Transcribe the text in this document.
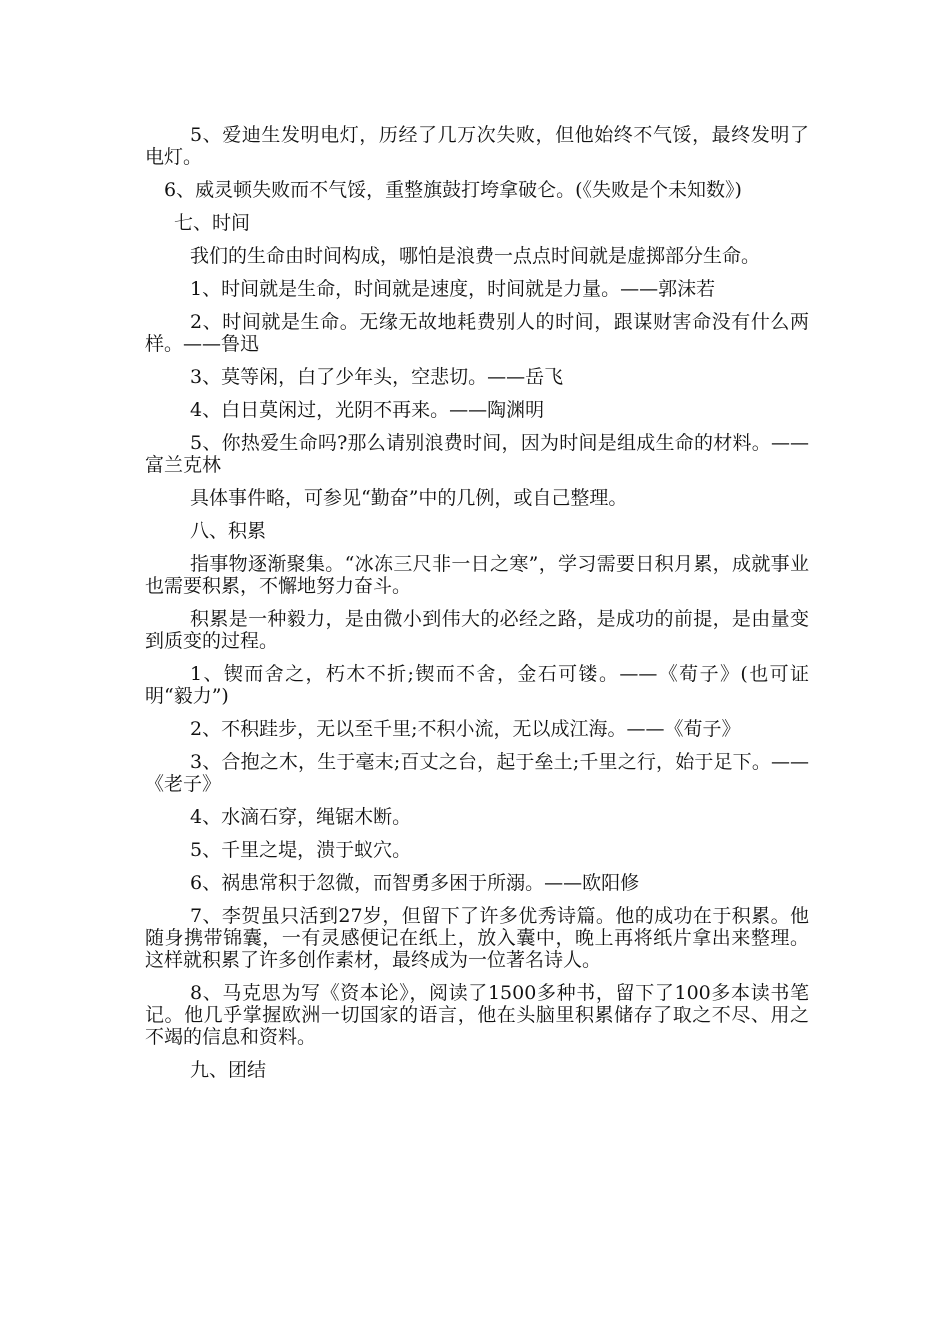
5、爱迪生发明电灯，历经了几万次失败，但他始终不气馁，最终发明了电灯。

6、威灵顿失败而不气馁，重整旗鼓打垮拿破仑。(《失败是个未知数》)

七、时间

我们的生命由时间构成，哪怕是浪费一点点时间就是虚掷部分生命。

1、时间就是生命，时间就是速度，时间就是力量。——郭沫若

2、时间就是生命。无缘无故地耗费别人的时间，跟谋财害命没有什么两样。——鲁迅

3、莫等闲，白了少年头，空悲切。——岳飞

4、白日莫闲过，光阴不再来。——陶渊明

5、你热爱生命吗?那么请别浪费时间，因为时间是组成生命的材料。——富兰克林

具体事件略，可参见“勤奋”中的几例，或自己整理。

八、积累

指事物逐渐聚集。“冰冻三尺非一日之寒”，学习需要日积月累，成就事业也需要积累，不懈地努力奋斗。

积累是一种毅力，是由微小到伟大的必经之路，是成功的前提，是由量变到质变的过程。

1、锲而舍之，朽木不折;锲而不舍，金石可镂。——《荀子》(也可证明“毅力”)

2、不积跬步，无以至千里;不积小流，无以成江海。——《荀子》

3、合抱之木，生于毫末;百丈之台，起于垒土;千里之行，始于足下。——《老子》

4、水滴石穿，绳锯木断。

5、千里之堤，溃于蚁穴。

6、祸患常积于忽微，而智勇多困于所溺。——欧阳修

7、李贺虽只活到27岁，但留下了许多优秀诗篇。他的成功在于积累。他随身携带锦囊，一有灵感便记在纸上，放入囊中，晚上再将纸片拿出来整理。这样就积累了许多创作素材，最终成为一位著名诗人。

8、马克思为写《资本论》，阅读了1500多种书，留下了100多本读书笔记。他几乎掌握欧洲一切国家的语言，他在头脑里积累储存了取之不尽、用之不竭的信息和资料。

九、团结
